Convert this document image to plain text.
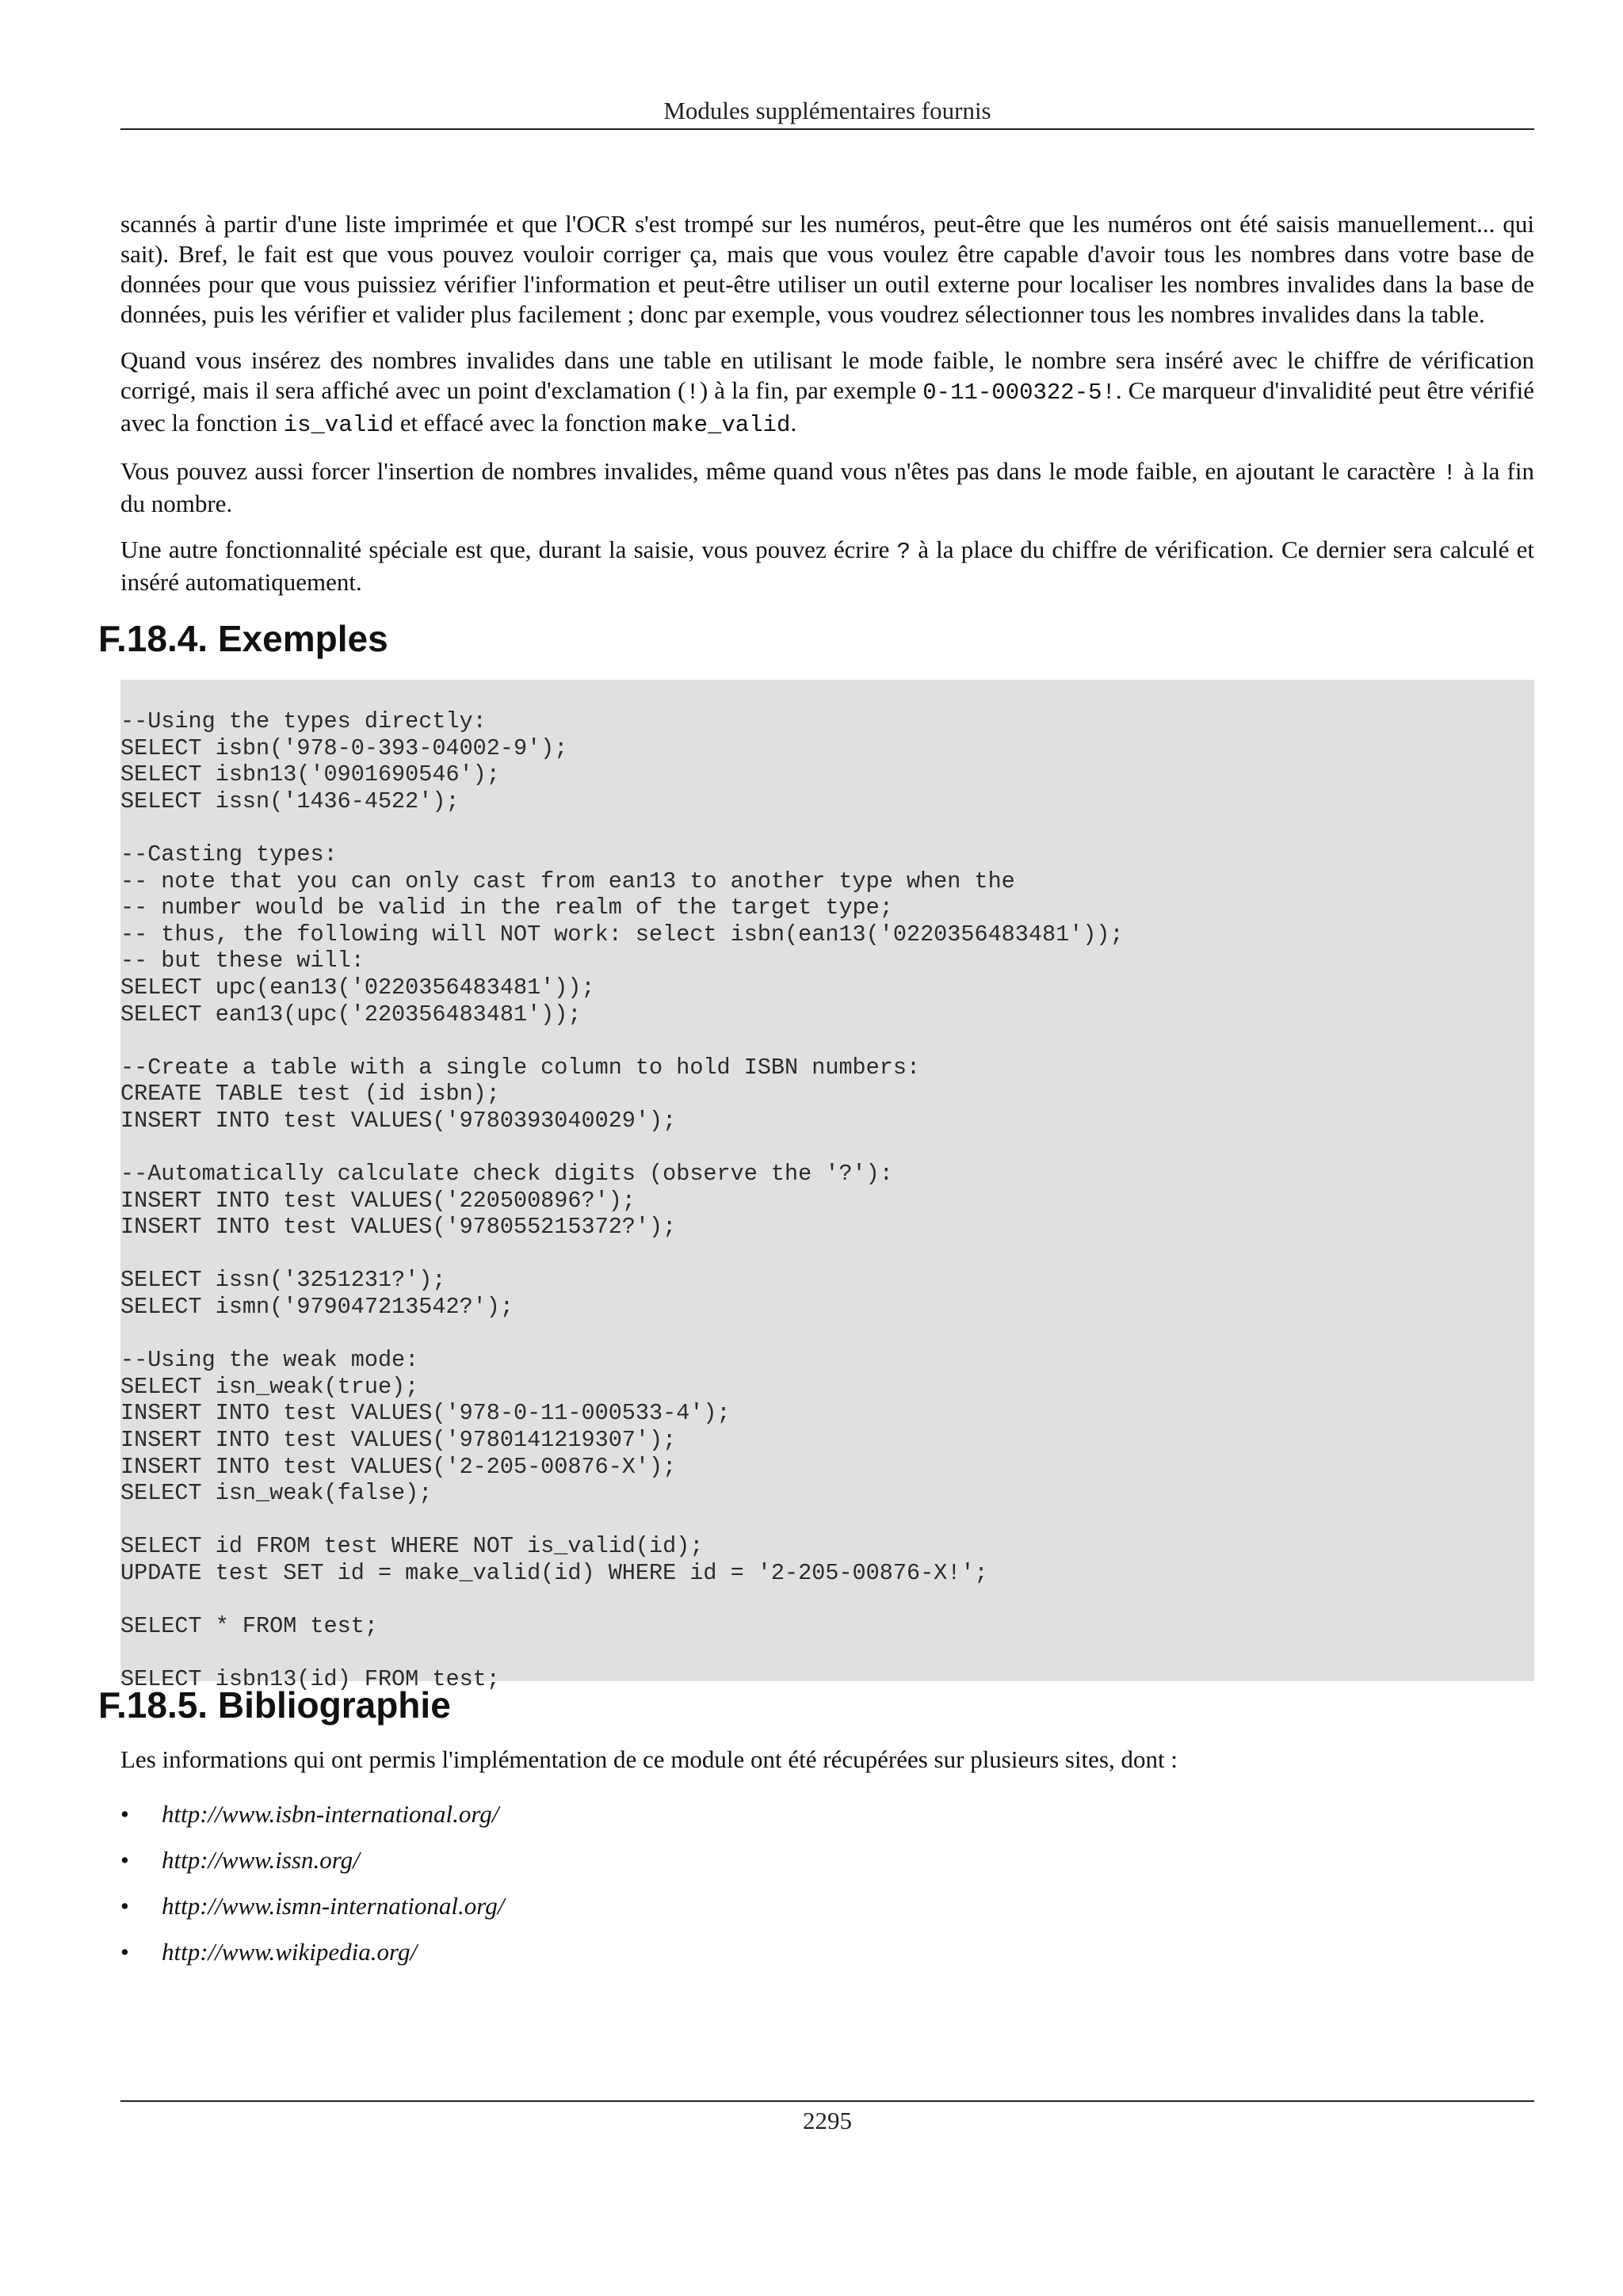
Modules supplémentaires fournis

scannés à partir d'une liste imprimée et que l'OCR s'est trompé sur les numéros, peut-être que les numéros ont été saisis manuellement... qui sait). Bref, le fait est que vous pouvez vouloir corriger ça, mais que vous voulez être capable d'avoir tous les nombres dans votre base de données pour que vous puissiez vérifier l'information et peut-être utiliser un outil externe pour localiser les nombres invalides dans la base de données, puis les vérifier et valider plus facilement ; donc par exemple, vous voudrez sélectionner tous les nombres invalides dans la table.

Quand vous insérez des nombres invalides dans une table en utilisant le mode faible, le nombre sera inséré avec le chiffre de vérification corrigé, mais il sera affiché avec un point d'exclamation (!) à la fin, par exemple 0-11-000322-5!. Ce marqueur d'invalidité peut être vérifié avec la fonction is_valid et effacé avec la fonction make_valid.

Vous pouvez aussi forcer l'insertion de nombres invalides, même quand vous n'êtes pas dans le mode faible, en ajoutant le caractère ! à la fin du nombre.

Une autre fonctionnalité spéciale est que, durant la saisie, vous pouvez écrire ? à la place du chiffre de vérification. Ce dernier sera calculé et inséré automatiquement.

F.18.4. Exemples
--Using the types directly:
SELECT isbn('978-0-393-04002-9');
SELECT isbn13('0901690546');
SELECT issn('1436-4522');
--Casting types:
-- note that you can only cast from ean13 to another type when the
-- number would be valid in the realm of the target type;
-- thus, the following will NOT work: select isbn(ean13('0220356483481'));
-- but these will:
SELECT upc(ean13('0220356483481'));
SELECT ean13(upc('220356483481'));
--Create a table with a single column to hold ISBN numbers:
CREATE TABLE test (id isbn);
INSERT INTO test VALUES('9780393040029');
--Automatically calculate check digits (observe the '?'):
INSERT INTO test VALUES('220500896?');
INSERT INTO test VALUES('978055215372?');
SELECT issn('3251231?');
SELECT ismn('979047213542?');
--Using the weak mode:
SELECT isn_weak(true);
INSERT INTO test VALUES('978-0-11-000533-4');
INSERT INTO test VALUES('9780141219307');
INSERT INTO test VALUES('2-205-00876-X');
SELECT isn_weak(false);
SELECT id FROM test WHERE NOT is_valid(id);
UPDATE test SET id = make_valid(id) WHERE id = '2-205-00876-X!';
SELECT * FROM test;
SELECT isbn13(id) FROM test;
F.18.5. Bibliographie

Les informations qui ont permis l'implémentation de ce module ont été récupérées sur plusieurs sites, dont :

• http://www.isbn-international.org/
• http://www.issn.org/
• http://www.ismn-international.org/
• http://www.wikipedia.org/
2295
